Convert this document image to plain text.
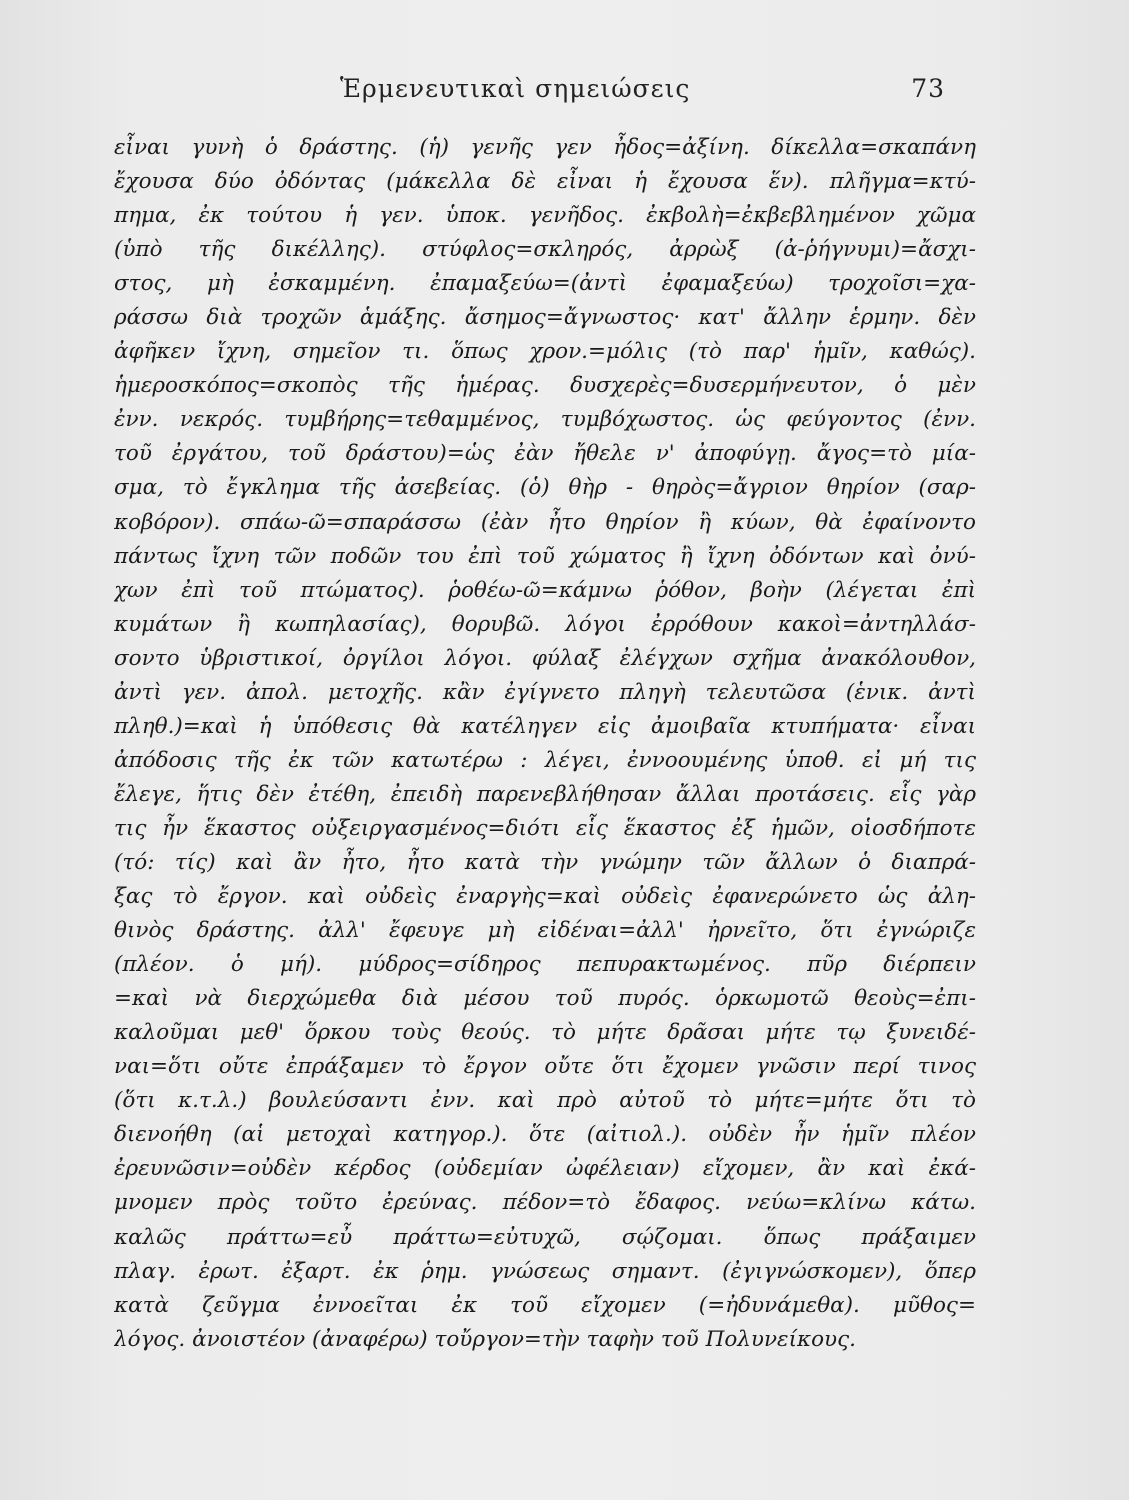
Ἑρμενευτικαὶ σημειώσεις	73
εἶναι γυνὴ ὁ δράστης. (ἡ) γενῆς γεν ἦδος=ἀξίνη. δίκελλα=σκαπάνη
ἔχουσα δύο ὀδόντας (μάκελλα δὲ εἶναι ἡ ἔχουσα ἕν). πλῆγμα=κτύ-
πημα, ἐκ τούτου ἡ γεν. ὑποκ. γενῆδος. ἐκβολὴ=ἐκβεβλημένον χῶμα
(ὑπὸ τῆς δικέλλης). στύφλος=σκληρός, ἀρρὼξ (ἀ-ῥήγνυμι)=ἄσχι-
στος, μὴ ἐσκαμμένη. ἐπαμαξεύω=(ἀντὶ ἐφαμαξεύω) τροχοῖσι=χα-
ράσσω διὰ τροχῶν ἁμάξης. ἄσημος=ἄγνωστος· κατ' ἄλλην ἑρμην. δὲν
ἀφῆκεν ἴχνη, σημεῖον τι. ὅπως χρον.=μόλις (τὸ παρ' ἡμῖν, καθώς).
ἡμεροσκόπος=σκοπὸς τῆς ἡμέρας. δυσχερὲς=δυσερμήνευτον, ὁ μὲν
ἐνν. νεκρός. τυμβήρης=τεθαμμένος, τυμβόχωστος. ὡς φεύγοντος (ἐνν.
τοῦ ἐργάτου, τοῦ δράστου)=ὡς ἐὰν ἤθελε ν' ἀποφύγῃ. ἄγος=τὸ μία-
σμα, τὸ ἔγκλημα τῆς ἀσεβείας. (ὁ) θὴρ - θηρὸς=ἄγριον θηρίον (σαρ-
κοβόρον). σπάω-ῶ=σπαράσσω (ἐὰν ἦτο θηρίον ἢ κύων, θὰ ἐφαίνοντο
πάντως ἴχνη τῶν ποδῶν του ἐπὶ τοῦ χώματος ἢ ἴχνη ὀδόντων καὶ ὀνύ-
χων ἐπὶ τοῦ πτώματος). ῥοθέω-ῶ=κάμνω ῥόθον, βοὴν (λέγεται ἐπὶ
κυμάτων ἢ κωπηλασίας), θορυβῶ. λόγοι ἐρρόθουν κακοὶ=ἀντηλλάσ-
σοντο ὑβριστικοί, ὀργίλοι λόγοι. φύλαξ ἐλέγχων σχῆμα ἀνακόλουθον,
ἀντὶ γεν. ἀπολ. μετοχῆς. κἂν ἐγίγνετο πληγὴ τελευτῶσα (ἑνικ. ἀντὶ
πληθ.)=καὶ ἡ ὑπόθεσις θὰ κατέληγεν εἰς ἀμοιβαῖα κτυπήματα· εἶναι
ἀπόδοσις τῆς ἐκ τῶν κατωτέρω : λέγει, ἐννοουμένης ὑποθ. εἰ μή τις
ἔλεγε, ἥτις δὲν ἐτέθη, ἐπειδὴ παρενεβλήθησαν ἄλλαι προτάσεις. εἷς γὰρ
τις ἦν ἕκαστος οὐξειργασμένος=διότι εἷς ἕκαστος ἐξ ἡμῶν, οἱοσδήποτε
(τό: τίς) καὶ ἂν ἦτο, ἦτο κατὰ τὴν γνώμην τῶν ἄλλων ὁ διαπρά-
ξας τὸ ἔργον. καὶ οὐδεὶς ἐναργὴς=καὶ οὐδεὶς ἐφανερώνετο ὡς ἀλη-
θινὸς δράστης. ἀλλ' ἔφευγε μὴ εἰδέναι=ἀλλ' ἠρνεῖτο, ὅτι ἐγνώριζε
(πλέον. ὁ μή). μύδρος=σίδηρος πεπυρακτωμένος. πῦρ διέρπειν
=καὶ νὰ διερχώμεθα διὰ μέσου τοῦ πυρός. ὁρκωμοτῶ θεοὺς=ἐπι-
καλοῦμαι μεθ' ὅρκου τοὺς θεούς. τὸ μήτε δρᾶσαι μήτε τῳ ξυνειδέ-
ναι=ὅτι οὔτε ἐπράξαμεν τὸ ἔργον οὔτε ὅτι ἔχομεν γνῶσιν περί τινος
(ὅτι κ.τ.λ.) βουλεύσαντι ἐνν. καὶ πρὸ αὐτοῦ τὸ μήτε=μήτε ὅτι τὸ
διενοήθη (αἱ μετοχαὶ κατηγορ.). ὅτε (αἰτιολ.). οὐδὲν ἦν ἡμῖν πλέον
ἐρευνῶσιν=οὐδὲν κέρδος (οὐδεμίαν ὠφέλειαν) εἴχομεν, ἂν καὶ ἐκά-
μνομεν πρὸς τοῦτο ἐρεύνας. πέδον=τὸ ἔδαφος. νεύω=κλίνω κάτω.
καλῶς πράττω=εὖ πράττω=εὐτυχῶ, σῴζομαι. ὅπως πράξαιμεν
πλαγ. ἐρωτ. ἐξαρτ. ἐκ ῥημ. γνώσεως σημαντ. (ἐγιγνώσκομεν), ὅπερ
κατὰ ζεῦγμα ἐννοεῖται ἐκ τοῦ εἴχομεν (=ἠδυνάμεθα). μῦθος=
λόγος. ἀνοιστέον (ἀναφέρω) τοὔργον=τὴν ταφὴν τοῦ Πολυνείκους.
